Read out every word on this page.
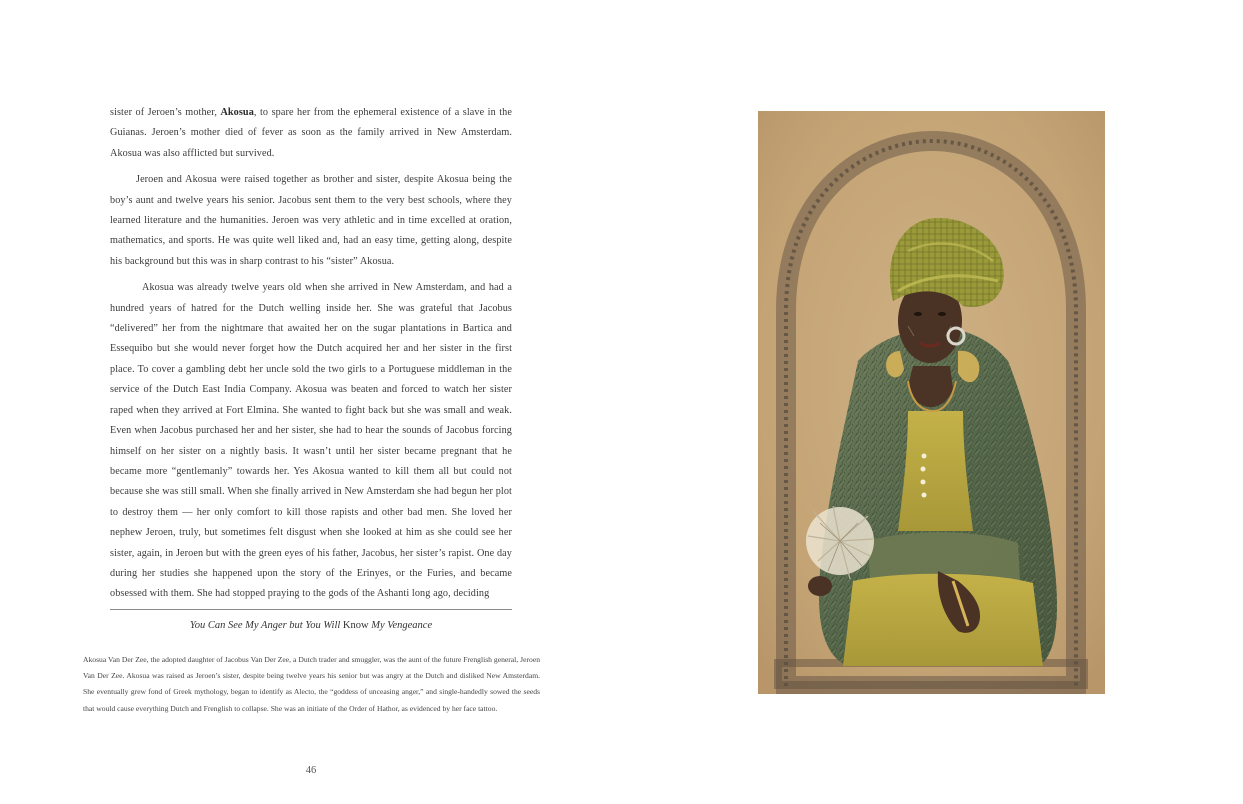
sister of Jeroen’s mother, Akosua, to spare her from the ephemeral existence of a slave in the Guianas. Jeroen’s mother died of fever as soon as the family arrived in New Amsterdam. Akosua was also afflicted but survived.

Jeroen and Akosua were raised together as brother and sister, despite Akosua being the boy’s aunt and twelve years his senior. Jacobus sent them to the very best schools, where they learned literature and the humanities. Jeroen was very athletic and in time excelled at oration, mathematics, and sports. He was quite well liked and, had an easy time, getting along, despite his background but this was in sharp contrast to his “sister” Akosua.

Akosua was already twelve years old when she arrived in New Amsterdam, and had a hundred years of hatred for the Dutch welling inside her. She was grateful that Jacobus “delivered” her from the nightmare that awaited her on the sugar plantations in Bartica and Essequibo but she would never forget how the Dutch acquired her and her sister in the first place. To cover a gambling debt her uncle sold the two girls to a Portuguese middleman in the service of the Dutch East India Company. Akosua was beaten and forced to watch her sister raped when they arrived at Fort Elmina. She wanted to fight back but she was small and weak. Even when Jacobus purchased her and her sister, she had to hear the sounds of Jacobus forcing himself on her sister on a nightly basis. It wasn’t until her sister became pregnant that he became more “gentlemanly” towards her. Yes Akosua wanted to kill them all but could not because she was still small. When she finally arrived in New Amsterdam she had begun her plot to destroy them — her only comfort to kill those rapists and other bad men. She loved her nephew Jeroen, truly, but sometimes felt disgust when she looked at him as she could see her sister, again, in Jeroen but with the green eyes of his father, Jacobus, her sister’s rapist. One day during her studies she happened upon the story of the Erinyes, or the Furies, and became obsessed with them. She had stopped praying to the gods of the Ashanti long ago, deciding

You Can See My Anger but You Will Know My Vengeance
Akosua Van Der Zee, the adopted daughter of Jacobus Van Der Zee, a Dutch trader and smuggler, was the aunt of the future Frenglish general, Jeroen Van Der Zee. Akosua was raised as Jeroen’s sister, despite being twelve years his senior but was angry at the Dutch and disliked New Amsterdam. She eventually grew fond of Greek mythology, began to identify as Alecto, the “goddess of unceasing anger,” and single-handedly sowed the seeds that would cause everything Dutch and Frenglish to collapse. She was an initiate of the Order of Hathor, as evidenced by her face tattoo.
46
